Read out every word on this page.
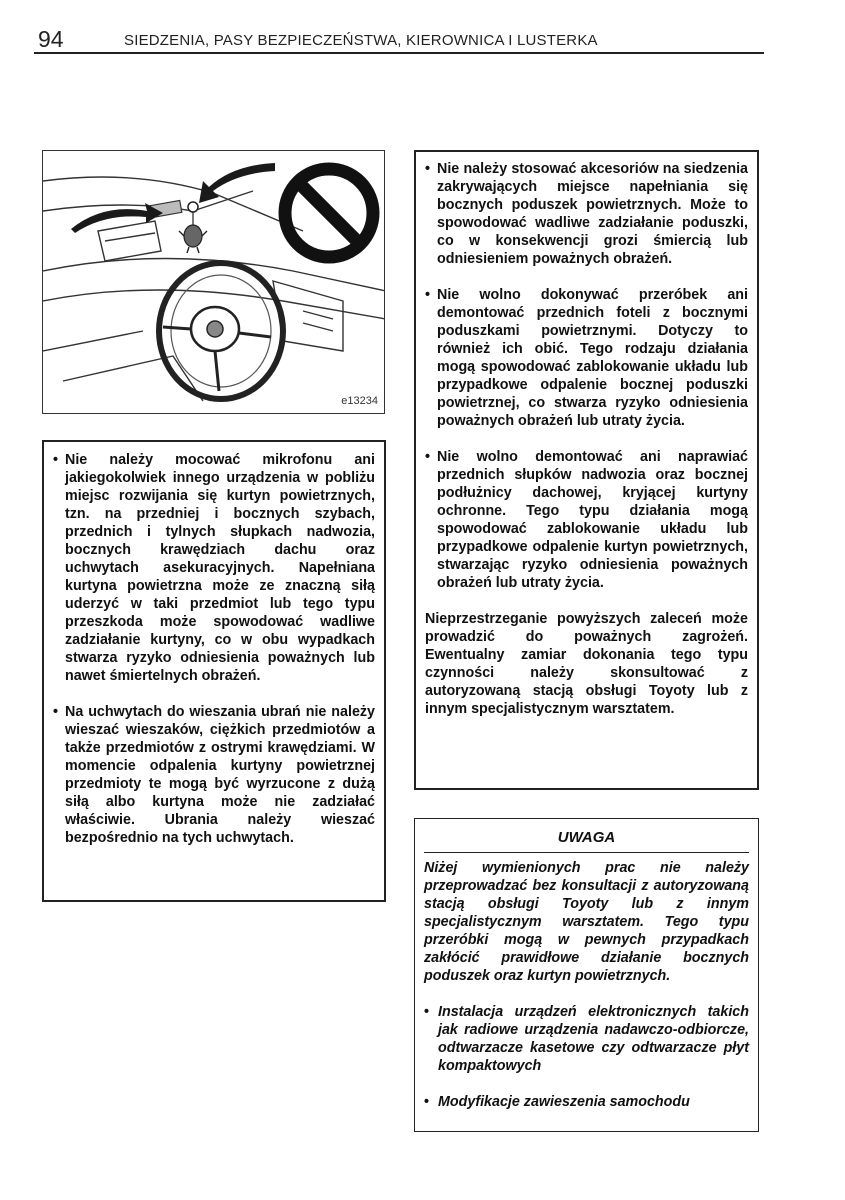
94	SIEDZENIA, PASY BEZPIECZEŃSTWA, KIEROWNICA I LUSTERKA
e13234
• Nie należy mocować mikrofonu ani jakiegokolwiek innego urządzenia w pobliżu miejsc rozwijania się kurtyn powietrznych, tzn. na przedniej i bocznych szybach, przednich i tylnych słupkach nadwozia, bocznych krawędziach dachu oraz uchwytach asekuracyjnych. Napełniana kurtyna powietrzna może ze znaczną siłą uderzyć w taki przedmiot lub tego typu przeszkoda może spowodować wadliwe zadziałanie kurtyny, co w obu wypadkach stwarza ryzyko odniesienia poważnych lub nawet śmiertelnych obrażeń.
• Na uchwytach do wieszania ubrań nie należy wieszać wieszaków, ciężkich przedmiotów a także przedmiotów z ostrymi krawędziami. W momencie odpalenia kurtyny powietrznej przedmioty te mogą być wyrzucone z dużą siłą albo kurtyna może nie zadziałać właściwie. Ubrania należy wieszać bezpośrednio na tych uchwytach.
• Nie należy stosować akcesoriów na siedzenia zakrywających miejsce napełniania się bocznych poduszek powietrznych. Może to spowodować wadliwe zadziałanie poduszki, co w konsekwencji grozi śmiercią lub odniesieniem poważnych obrażeń.
• Nie wolno dokonywać przeróbek ani demontować przednich foteli z bocznymi poduszkami powietrznymi. Dotyczy to również ich obić. Tego rodzaju działania mogą spowodować zablokowanie układu lub przypadkowe odpalenie bocznej poduszki powietrznej, co stwarza ryzyko odniesienia poważnych obrażeń lub utraty życia.
• Nie wolno demontować ani naprawiać przednich słupków nadwozia oraz bocznej podłużnicy dachowej, kryjącej kurtyny ochronne. Tego typu działania mogą spowodować zablokowanie układu lub przypadkowe odpalenie kurtyn powietrznych, stwarzając ryzyko odniesienia poważnych obrażeń lub utraty życia.

Nieprzestrzeganie powyższych zaleceń może prowadzić do poważnych zagrożeń. Ewentualny zamiar dokonania tego typu czynności należy skonsultować z autoryzowaną stacją obsługi Toyoty lub z innym specjalistycznym warsztatem.

UWAGA

Niżej wymienionych prac nie należy przeprowadzać bez konsultacji z autoryzowaną stacją obsługi Toyoty lub z innym specjalistycznym warsztatem. Tego typu przeróbki mogą w pewnych przypadkach zakłócić prawidłowe działanie bocznych poduszek oraz kurtyn powietrznych.

• Instalacja urządzeń elektronicznych takich jak radiowe urządzenia nadawczo-odbiorcze, odtwarzacze kasetowe czy odtwarzacze płyt kompaktowych
• Modyfikacje zawieszenia samochodu
